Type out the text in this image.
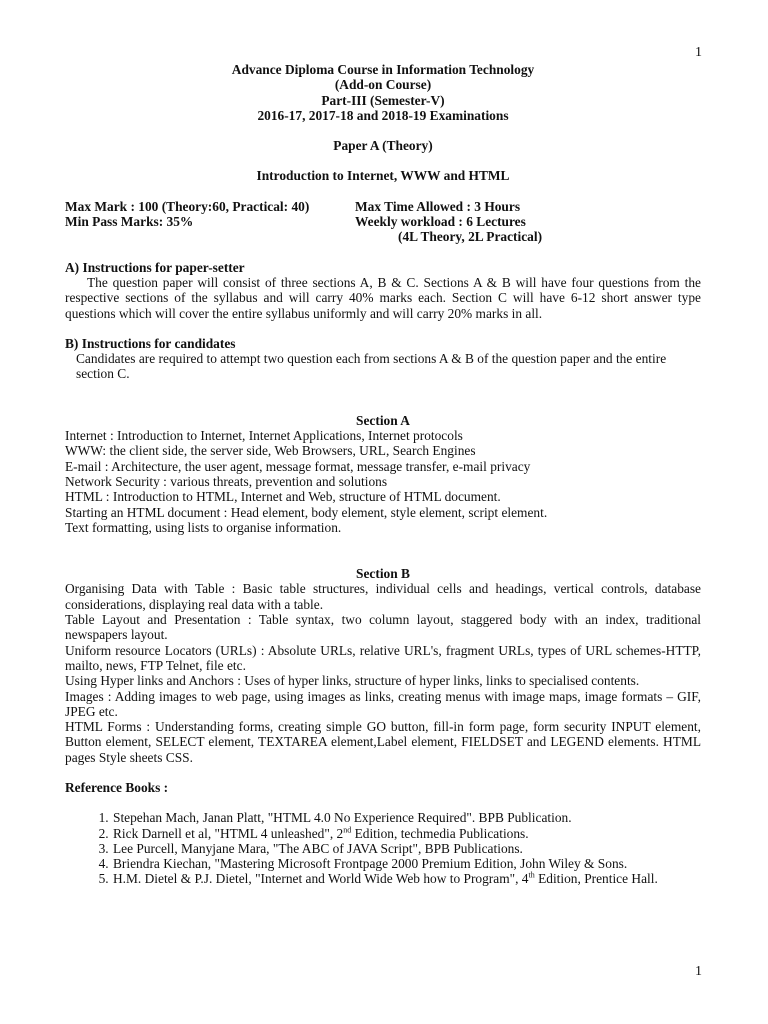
1
Advance Diploma Course in Information Technology
(Add-on Course)
Part-III (Semester-V)
2016-17, 2017-18 and 2018-19 Examinations
Paper A (Theory)
Introduction to Internet, WWW and HTML
Max Mark : 100 (Theory:60, Practical: 40)	Max Time Allowed : 3 Hours
Min Pass Marks: 35%	Weekly workload : 6 Lectures
(4L Theory, 2L Practical)
A) Instructions for paper-setter
The question paper will consist of three sections A, B & C. Sections A & B will have four questions from the respective sections of the syllabus and will carry 40% marks each. Section C will have 6-12 short answer type questions which will cover the entire syllabus uniformly and will carry 20% marks in all.
B) Instructions for candidates
Candidates are required to attempt two question each from sections A & B of the question paper and the entire section C.
Section A
Internet : Introduction to Internet, Internet Applications, Internet protocols
WWW: the client side, the server side, Web Browsers, URL, Search Engines
E-mail : Architecture, the user agent, message format, message transfer, e-mail privacy
Network Security : various threats, prevention and solutions
HTML : Introduction to HTML, Internet and Web, structure of HTML document.
Starting an HTML document : Head element, body element, style element, script element.
Text formatting, using lists to organise information.
Section B
Organising Data with Table : Basic table structures, individual cells and headings, vertical controls, database considerations, displaying real data with a table.
Table Layout and Presentation : Table syntax, two column layout, staggered body with an index, traditional newspapers layout.
Uniform resource Locators (URLs) : Absolute URLs, relative URL's, fragment URLs, types of URL schemes-HTTP, mailto, news, FTP Telnet, file etc.
Using Hyper links and Anchors : Uses of hyper links, structure of hyper links, links to specialised contents.
Images : Adding images to web page, using images as links, creating menus with image maps, image formats – GIF, JPEG etc.
HTML Forms : Understanding forms, creating simple GO button, fill-in form page, form security INPUT element, Button element, SELECT element, TEXTAREA element,Label element, FIELDSET and LEGEND elements. HTML pages Style sheets CSS.
Reference Books :
1. Stepehan Mach, Janan Platt, "HTML 4.0 No Experience Required". BPB Publication.
2. Rick Darnell et al, "HTML 4 unleashed", 2nd Edition, techmedia Publications.
3. Lee Purcell, Manyjane Mara, "The ABC of JAVA Script", BPB Publications.
4. Briendra Kiechan, "Mastering Microsoft Frontpage 2000 Premium Edition, John Wiley & Sons.
5. H.M. Dietel & P.J. Dietel, "Internet and World Wide Web how to Program", 4th Edition, Prentice Hall.
1
